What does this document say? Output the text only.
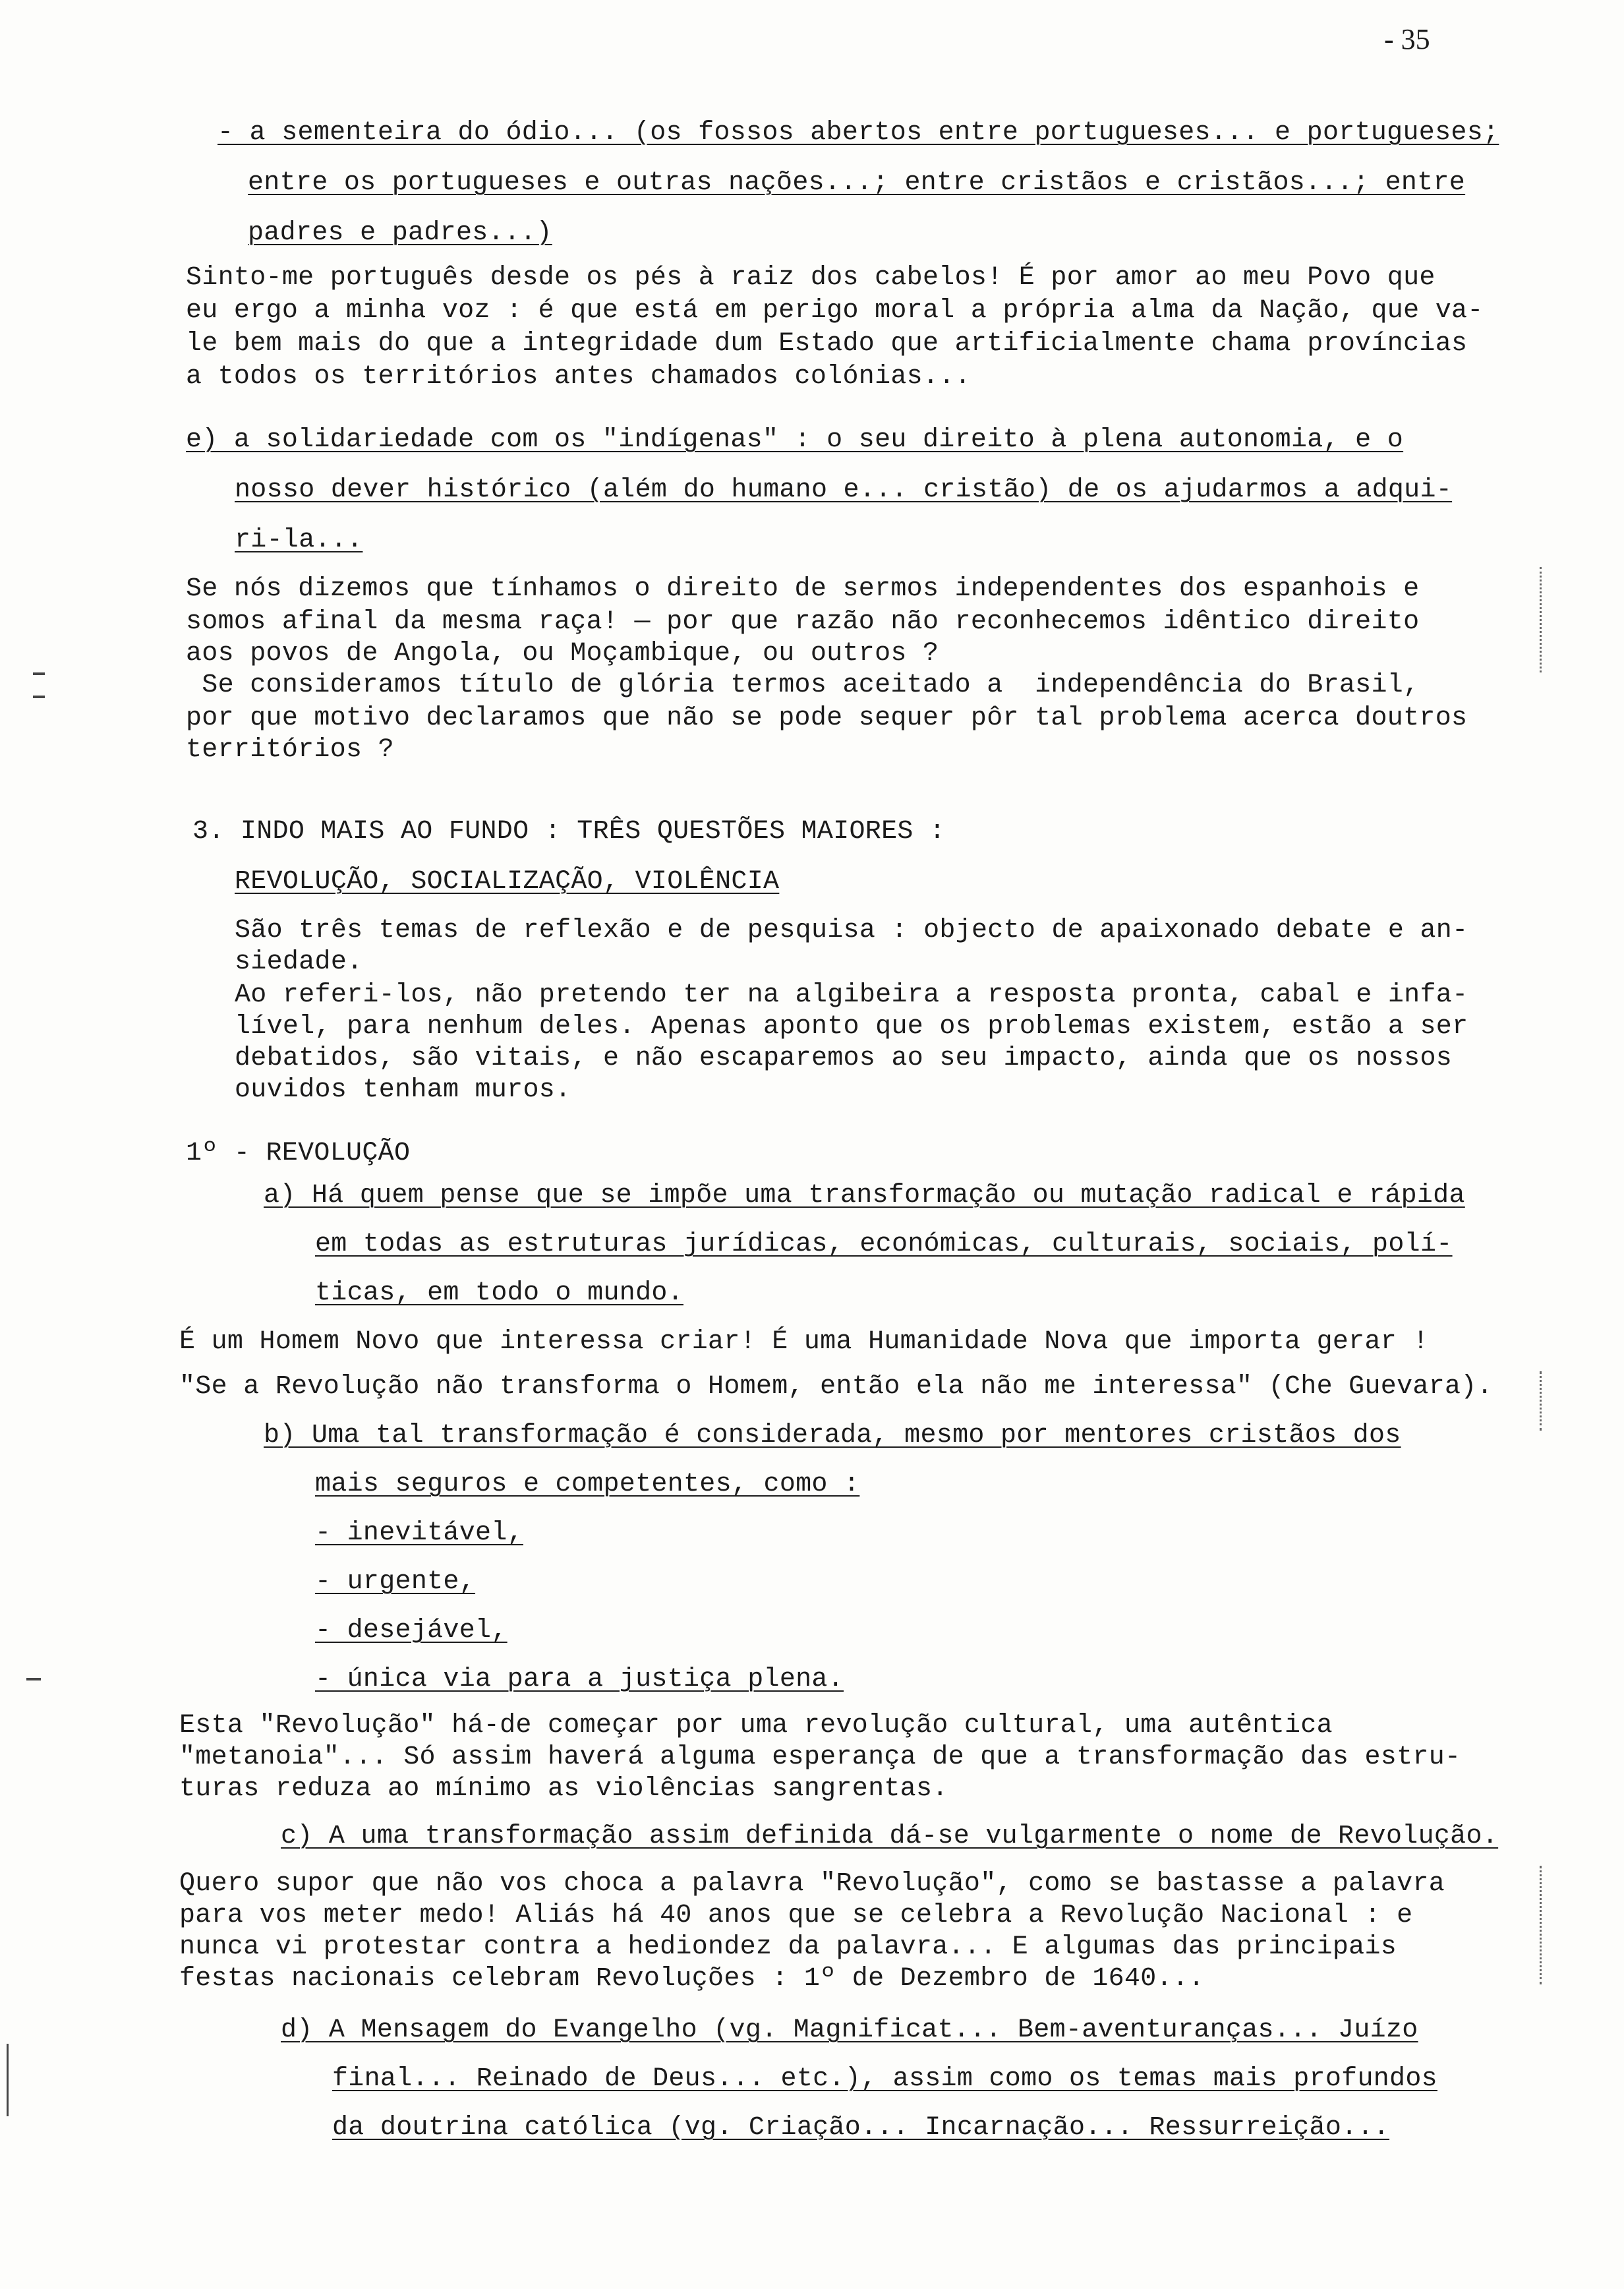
- 35
- a sementeira do ódio... (os fossos abertos entre portugueses... e portugueses;
entre os portugueses e outras nações...; entre cristãos e cristãos...; entre
padres e padres...)
Sinto-me português desde os pés à raiz dos cabelos! É por amor ao meu Povo que
eu ergo a minha voz : é que está em perigo moral a própria alma da Nação, que va-
le bem mais do que a integridade dum Estado que artificialmente chama províncias
a todos os territórios antes chamados colónias...
e) a solidariedade com os "indígenas" : o seu direito à plena autonomia, e o
nosso dever histórico (além do humano e... cristão) de os ajudarmos a adqui-
ri-la...
Se nós dizemos que tínhamos o direito de sermos independentes dos espanhois e
somos afinal da mesma raça! — por que razão não reconhecemos idêntico direito
aos povos de Angola, ou Moçambique, ou outros ?
Se consideramos título de glória termos aceitado a  independência do Brasil,
por que motivo declaramos que não se pode sequer pôr tal problema acerca doutros
territórios ?
3. INDO MAIS AO FUNDO : TRÊS QUESTÕES MAIORES :
REVOLUÇÃO, SOCIALIZAÇÃO, VIOLÊNCIA
São três temas de reflexão e de pesquisa : objecto de apaixonado debate e an-
siedade.
Ao referi-los, não pretendo ter na algibeira a resposta pronta, cabal e infa-
lível, para nenhum deles. Apenas aponto que os problemas existem, estão a ser
debatidos, são vitais, e não escaparemos ao seu impacto, ainda que os nossos
ouvidos tenham muros.
1º - REVOLUÇÃO
a) Há quem pense que se impõe uma transformação ou mutação radical e rápida
em todas as estruturas jurídicas, económicas, culturais, sociais, polí-
ticas, em todo o mundo.
É um Homem Novo que interessa criar! É uma Humanidade Nova que importa gerar !
"Se a Revolução não transforma o Homem, então ela não me interessa" (Che Guevara).
b) Uma tal transformação é considerada, mesmo por mentores cristãos dos
mais seguros e competentes, como :
- inevitável,
- urgente,
- desejável,
- única via para a justiça plena.
Esta "Revolução" há-de começar por uma revolução cultural, uma autêntica
"metanoia"... Só assim haverá alguma esperança de que a transformação das estru-
turas reduza ao mínimo as violências sangrentas.
c) A uma transformação assim definida dá-se vulgarmente o nome de Revolução.
Quero supor que não vos choca a palavra "Revolução", como se bastasse a palavra
para vos meter medo! Aliás há 40 anos que se celebra a Revolução Nacional : e
nunca vi protestar contra a hediondez da palavra... E algumas das principais
festas nacionais celebram Revoluções : 1º de Dezembro de 1640...
d) A Mensagem do Evangelho (vg. Magnificat... Bem-aventuranças... Juízo
final... Reinado de Deus... etc.), assim como os temas mais profundos
da doutrina católica (vg. Criação... Incarnação... Ressurreição...
